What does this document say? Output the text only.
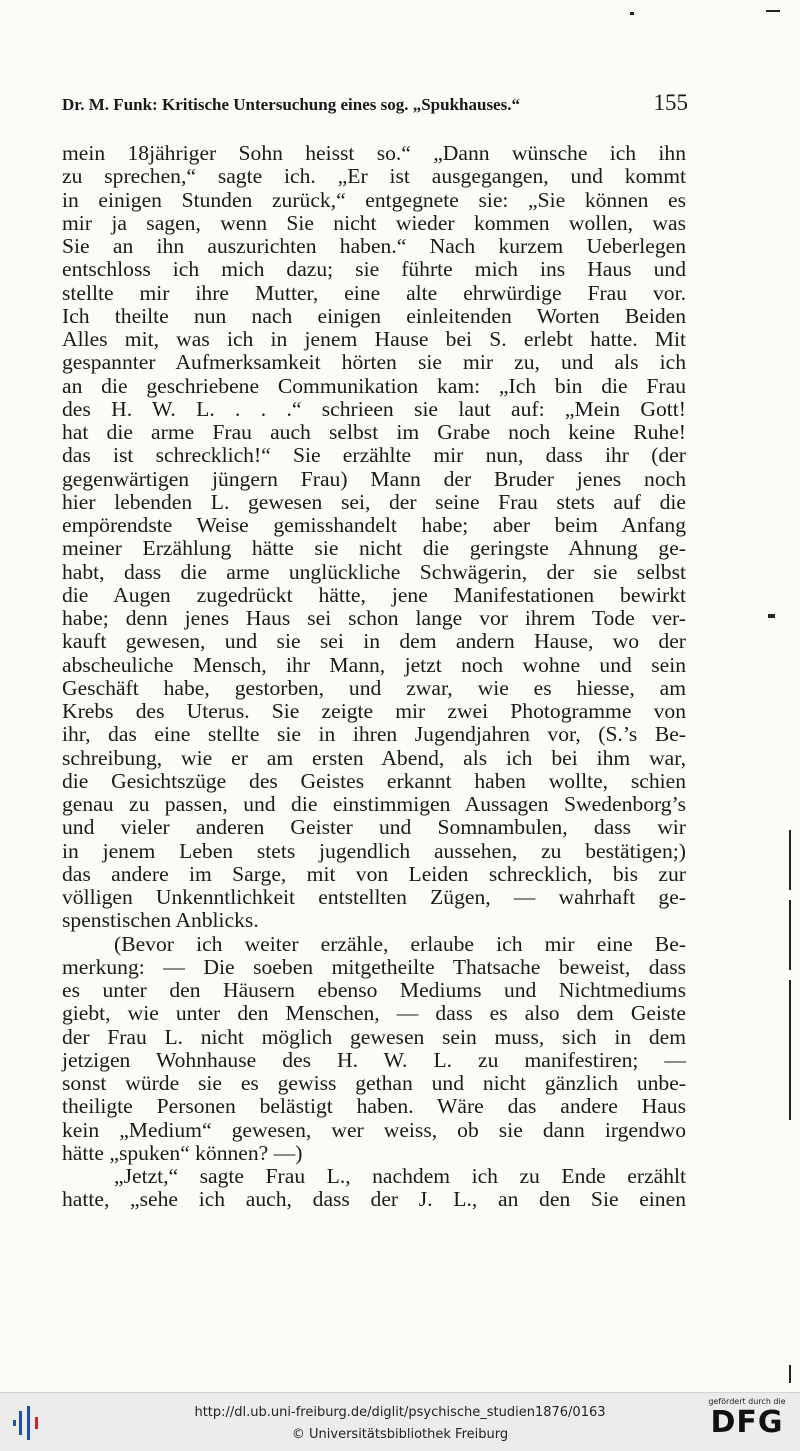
Dr. M. Funk: Kritische Untersuchung eines sog. „Spukhauses.“	155
mein 18jähriger Sohn heisst so.“ „Dann wünsche ich ihn
zu sprechen,“ sagte ich. „Er ist ausgegangen, und kommt
in einigen Stunden zurück,“ entgegnete sie: „Sie können es
mir ja sagen, wenn Sie nicht wieder kommen wollen, was
Sie an ihn auszurichten haben.“ Nach kurzem Ueberlegen
entschloss ich mich dazu; sie führte mich ins Haus und
stellte mir ihre Mutter, eine alte ehrwürdige Frau vor.
Ich theilte nun nach einigen einleitenden Worten Beiden
Alles mit, was ich in jenem Hause bei S. erlebt hatte. Mit
gespannter Aufmerksamkeit hörten sie mir zu, und als ich
an die geschriebene Communikation kam: „Ich bin die Frau
des H. W. L. . . .“ schrieen sie laut auf: „Mein Gott!
hat die arme Frau auch selbst im Grabe noch keine Ruhe!
das ist schrecklich!“ Sie erzählte mir nun, dass ihr (der
gegenwärtigen jüngern Frau) Mann der Bruder jenes noch
hier lebenden L. gewesen sei, der seine Frau stets auf die
empörendste Weise gemisshandelt habe; aber beim Anfang
meiner Erzählung hätte sie nicht die geringste Ahnung ge-
habt, dass die arme unglückliche Schwägerin, der sie selbst
die Augen zugedrückt hätte, jene Manifestationen bewirkt
habe; denn jenes Haus sei schon lange vor ihrem Tode ver-
kauft gewesen, und sie sei in dem andern Hause, wo der
abscheuliche Mensch, ihr Mann, jetzt noch wohne und sein
Geschäft habe, gestorben, und zwar, wie es hiesse, am
Krebs des Uterus. Sie zeigte mir zwei Photogramme von
ihr, das eine stellte sie in ihren Jugendjahren vor, (S.’s Be-
schreibung, wie er am ersten Abend, als ich bei ihm war,
die Gesichtszüge des Geistes erkannt haben wollte, schien
genau zu passen, und die einstimmigen Aussagen Swedenborg’s
und vieler anderen Geister und Somnambulen, dass wir
in jenem Leben stets jugendlich aussehen, zu bestätigen;)
das andere im Sarge, mit von Leiden schrecklich, bis zur
völligen Unkenntlichkeit entstellten Zügen, — wahrhaft ge-
spenstischen Anblicks.
(Bevor ich weiter erzähle, erlaube ich mir eine Be-
merkung: — Die soeben mitgetheilte Thatsache beweist, dass
es unter den Häusern ebenso Mediums und Nichtmediums
giebt, wie unter den Menschen, — dass es also dem Geiste
der Frau L. nicht möglich gewesen sein muss, sich in dem
jetzigen Wohnhause des H. W. L. zu manifestiren; —
sonst würde sie es gewiss gethan und nicht gänzlich unbe-
theiligte Personen belästigt haben. Wäre das andere Haus
kein „Medium“ gewesen, wer weiss, ob sie dann irgendwo
hätte „spuken“ können? —)
„Jetzt,“ sagte Frau L., nachdem ich zu Ende erzählt
hatte, „sehe ich auch, dass der J. L., an den Sie einen
http://dl.ub.uni-freiburg.de/diglit/psychische_studien1876/0163
© Universitätsbibliothek Freiburg
gefördert durch die
DFG
